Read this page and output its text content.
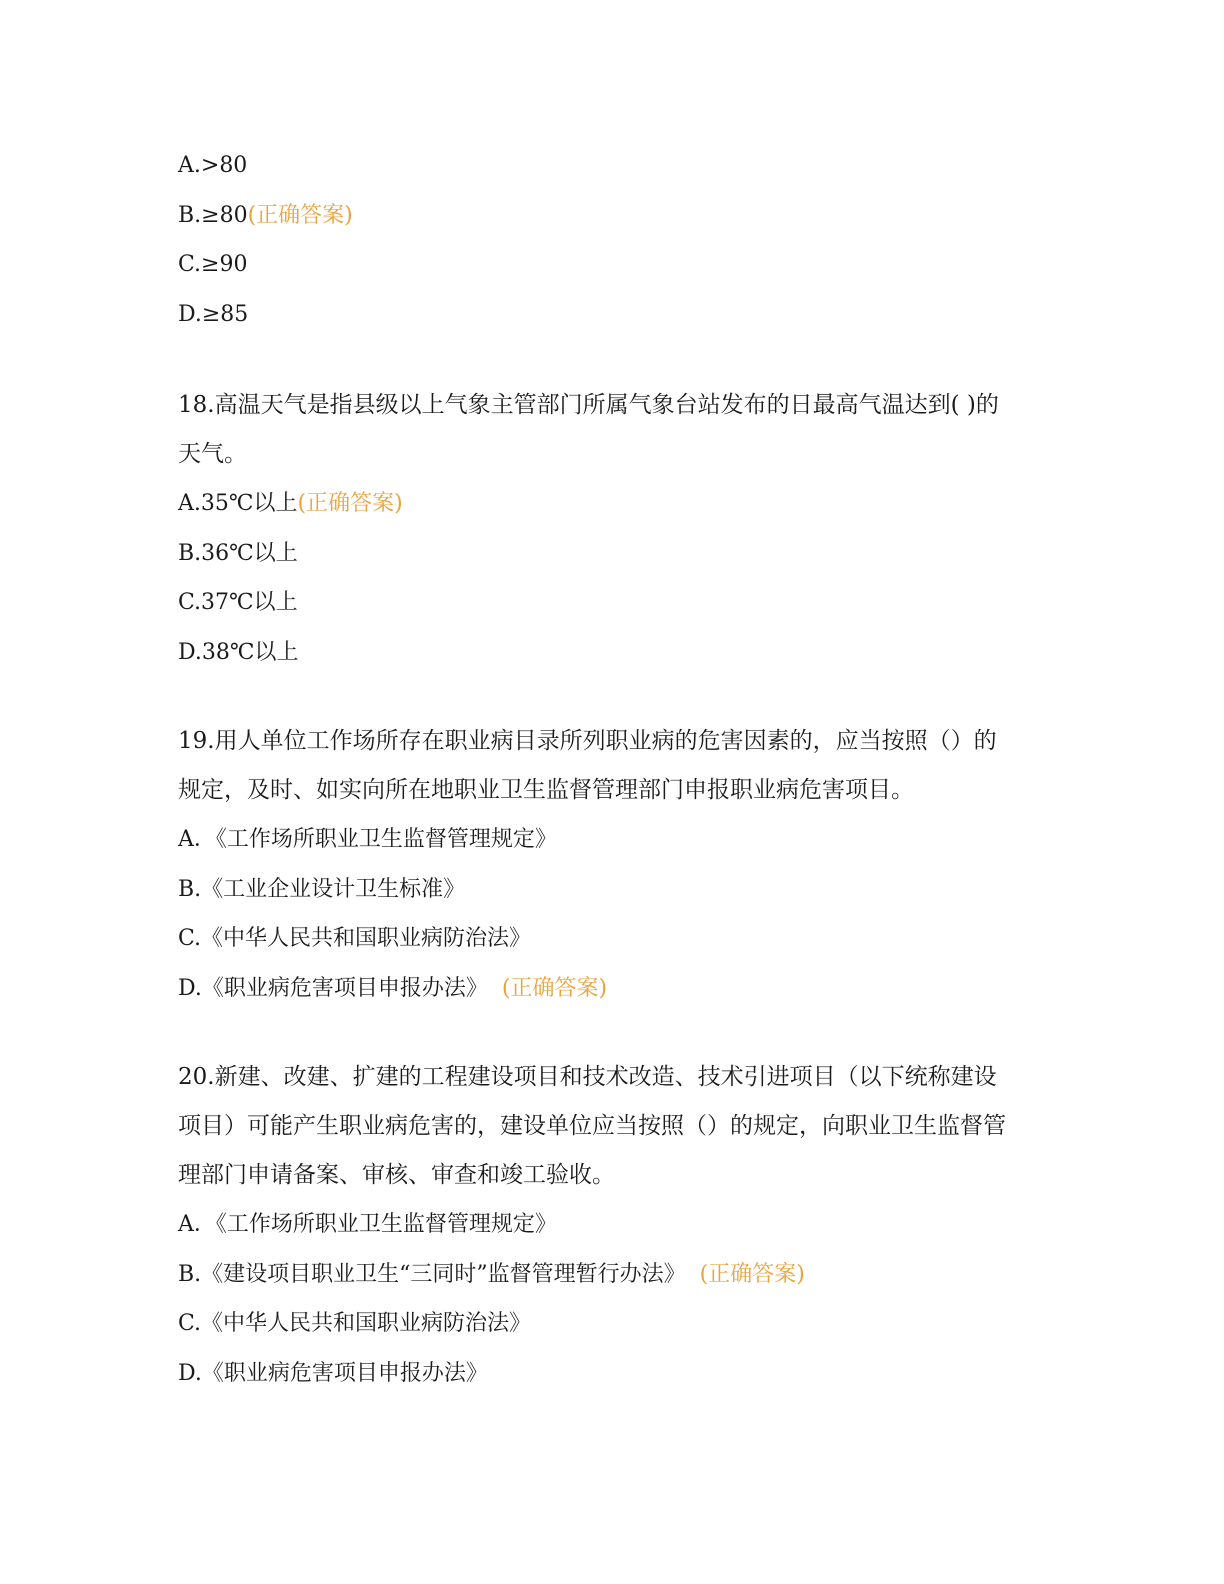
A.>80
B.≥80(正确答案)
C.≥90
D.≥85
18.高温天气是指县级以上气象主管部门所属气象台站发布的日最高气温达到( )的
天气。
A.35℃以上(正确答案)
B.36℃以上
C.37℃以上
D.38℃以上
19.用人单位工作场所存在职业病目录所列职业病的危害因素的，应当按照（）的
规定，及时、如实向所在地职业卫生监督管理部门申报职业病危害项目。
A．《工作场所职业卫生监督管理规定》
B.《工业企业设计卫生标准》
C.《中华人民共和国职业病防治法》
D.《职业病危害项目申报办法》 (正确答案)
20.新建、改建、扩建的工程建设项目和技术改造、技术引进项目（以下统称建设
项目）可能产生职业病危害的，建设单位应当按照（）的规定，向职业卫生监督管
理部门申请备案、审核、审查和竣工验收。
A．《工作场所职业卫生监督管理规定》
B.《建设项目职业卫生“三同时”监督管理暂行办法》 (正确答案)
C.《中华人民共和国职业病防治法》
D.《职业病危害项目申报办法》
